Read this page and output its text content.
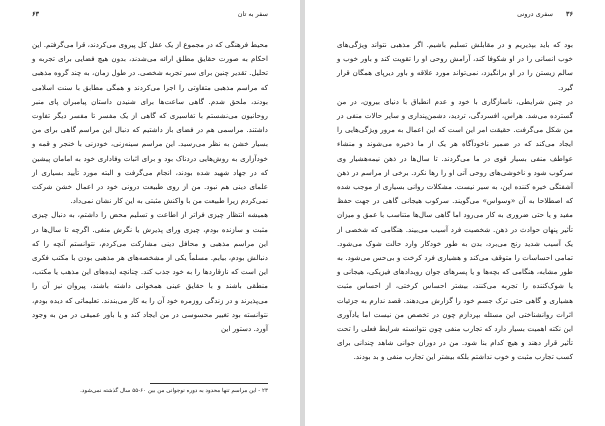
سفر به تان
۶۳

محیط فرهنگی که در مجموع از یک عقل کل پیروی می‌کردند، قرا می‌گرفتم. این احکام به صورت حقایق مطلق ارائه می‌شدند، بدون هیچ فضایی برای تجربه و تحلیل. تقدیر چنین برای سیر تجربه شخصی. در طول زمان، به چند گروه مذهبی که مراسم مذهبی متفاوتی را اجرا می‌کردند و همگی مطابق با سنت اسلامی بودند، ملحق شدم. گاهی ساعت‌ها برای شنیدن داستان پیامبران پای منبر روحانیون می‌نشستم با تفاسیری که گاهی از یک مفسر تا مفسر دیگر تفاوت داشتند. مراسمی هم در فضای باز داشتیم که دنبال این مراسم گاهی برای من بسیار خشن به نظر می‌رسید. این مراسم سینه‌زنی، خودزنی با خنجر و قمه و خودآزاری به روش‌هایی دردناک بود و برای اثبات وفاداری خود به امامان پیشین که در جهاد شهید شده بودند، انجام می‌گرفت و البته مورد تأیید بسیاری از علمای دینی هم نبود. من از روی طبیعت درونی خود در اعمال خشن شرکت نمی‌کردم زیرا طبیعت من با واکنش مثبتی به این کار نشان نمی‌داد.

همیشه انتظار چیزی فراتر از اطاعت و تسلیم محض را داشتم، به دنبال چیزی مثبت و سازنده بودم، چیزی ورای پذیرش یا نگرش منفی. اگرچه تا سال‌ها در این مراسم مذهبی و محافل دینی مشارکت می‌کردم، نتوانستم آنچه را که دنبالش بودم، بیابم. مسلماً یکی از مشخصه‌های هر مذهبی بودن با مکتب فکری این است که نازقاردها را به خود جذب کند. چنانچه ایده‌های این مذهب یا مکتب، منطقی باشند و با حقایق عینی همخوانی داشته باشند، پیروان نیز آن را می‌پذیرند و در زندگی روزمره خود آن را به کار می‌بندند. تعلیماتی که دیده بودم، نتوانسته بود تغییر محسوسی در من ایجاد کند و یا باور عمیقی در من به وجود آورد. دستور این

۲۳ - این مراسم تنها محدود به دوره نوجوانی من بین ۶۰-۵۵ سال گذشته نمی‌شود.
۳۶
سفری درونی

بود که باید بپذیریم و در مقابلش تسلیم باشیم. اگر مذهبی نتواند ویژگی‌های خوب انسانی را در او شکوفا کند، آرامش روحی او را تقویت کند و باور خوب و سالم زیستن را در او برانگیزد، نمی‌تواند مورد علاقه و باور دیرپای همگان قرار گیرد.

در چنین شرایطی، ناسازگاری با خود و عدم انطباق با دنیای بیرون، در من گسترده می‌شد. هراس، افسردگی، تردید، دشمن‌پنداری و سایر حالات منفی در من شکل می‌گرفت. حقیقت امر این است که این اعمال به مرور ویژگی‌هایی را ایجاد می‌کند که در ضمیر ناخودآگاه هر یک از ما ذخیره می‌شوند و منشاء عواطف منفی بسیار قوی در ما می‌گردند. تا سال‌ها در ذهن نیمه‌هشیار وی سرکوب شود و ناخوشی‌های روحی آتی او را رها نکرد. برخی از مراسم در ذهن آشفتگی خیره کننده این، به سیر نیست. مشکلات روانی بسیاری از موجب شده که اصطلاحا به آن «وسواس» می‌گویند. سرکوب هیجانی گاهی در جهت حفظ مفید و یا حتی ضروری به کار می‌رود اما گاهی سال‌ها متناسب با عمق و میزان تأثیر پنهان حوادث در ذهن. شخصیت فرد آسیب می‌بیند. هنگامی که شخصی از یک آسیب شدید رنج می‌برد، بدن به طور خودکار وارد حالت شوک می‌شود. تمامی احساسات را متوقف می‌کند و هشیاری فرد کرخت و بی‌حس می‌شود. به طور مشابه، هنگامی که بچه‌ها و یا پسرهای جوان رویدادهای فیزیکی، هیجانی و یا شوک‌کننده را تجربه می‌کنند، بیشتر احساس کرختی، از احساس مثبت هشیاری و گاهی حتی ترک جسم خود را گزارش می‌دهند. قصد ندارم به جزئیات اثرات روانشناختی این مسئله بپردازم چون در تخصص من نیست اما یادآوری این نکته اهمیت بسیار دارد که تجارب منفی چون نتوانسته شرایط فعلی را تحت تأثیر قرار دهند و هیچ کدام بنا شود. من در دوران جوانی شاهد چندانی برای کسب تجارب مثبت و خوب نداشتم بلکه بیشتر این تجارب منفی و بد بودند.
